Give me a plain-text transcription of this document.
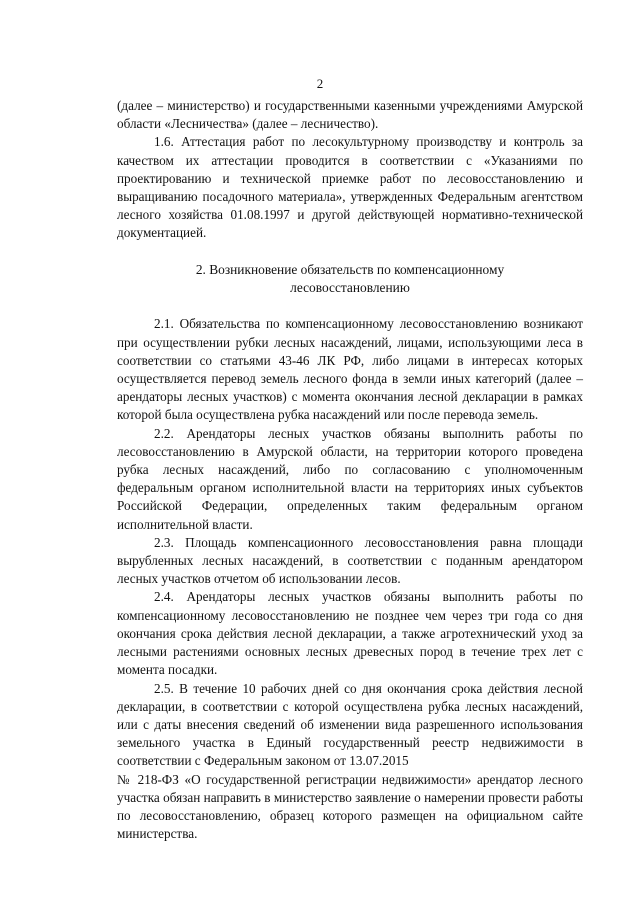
2

(далее – министерство) и государственными казенными учреждениями Амурской области «Лесничества» (далее – лесничество).

1.6. Аттестация работ по лесокультурному производству и контроль за качеством их аттестации проводится в соответствии с «Указаниями по проектированию и технической приемке работ по лесовосстановлению и выращиванию посадочного материала», утвержденных Федеральным агентством лесного хозяйства 01.08.1997 и другой действующей нормативно-технической документацией.

2. Возникновение обязательств по компенсационному
лесовосстановлению

2.1. Обязательства по компенсационному лесовосстановлению возникают при осуществлении рубки лесных насаждений, лицами, использующими леса в соответствии со статьями 43-46 ЛК РФ, либо лицами в интересах которых осуществляется перевод земель лесного фонда в земли иных категорий (далее – арендаторы лесных участков) с момента окончания лесной декларации в рамках которой была осуществлена рубка насаждений или после перевода земель.

2.2. Арендаторы лесных участков обязаны выполнить работы по лесовосстановлению в Амурской области, на территории которого проведена рубка лесных насаждений, либо по согласованию с уполномоченным федеральным органом исполнительной власти на территориях иных субъектов Российской Федерации, определенных таким федеральным органом исполнительной власти.

2.3. Площадь компенсационного лесовосстановления равна площади вырубленных лесных насаждений, в соответствии с поданным арендатором лесных участков отчетом об использовании лесов.

2.4. Арендаторы лесных участков обязаны выполнить работы по компенсационному лесовосстановлению не позднее чем через три года со дня окончания срока действия лесной декларации, а также агротехнический уход за лесными растениями основных лесных древесных пород в течение трех лет с момента посадки.

2.5. В течение 10 рабочих дней со дня окончания срока действия лесной декларации, в соответствии с которой осуществлена рубка лесных насаждений, или с даты внесения сведений об изменении вида разрешенного использования земельного участка в Единый государственный реестр недвижимости в соответствии с Федеральным законом от 13.07.2015

№ 218-ФЗ «О государственной регистрации недвижимости» арендатор лесного участка обязан направить в министерство заявление о намерении провести работы по лесовосстановлению, образец которого размещен на официальном сайте министерства.
